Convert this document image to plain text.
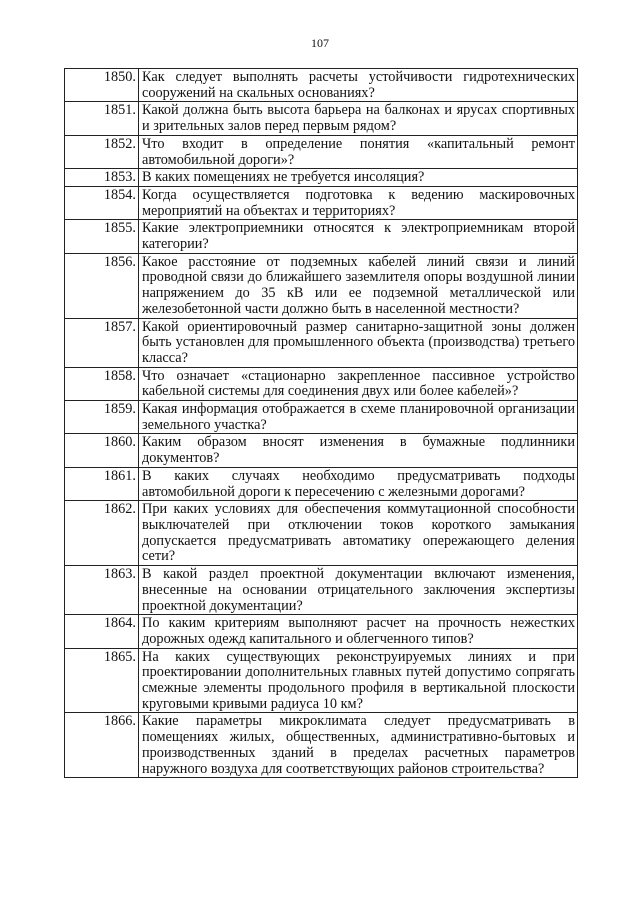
107
1850.	Как следует выполнять расчеты устойчивости гидротехнических сооружений на скальных основаниях?
1851.	Какой должна быть высота барьера на балконах и ярусах спортивных и зрительных залов перед первым рядом?
1852.	Что входит в определение понятия «капитальный ремонт автомобильной дороги»?
1853.	В каких помещениях не требуется инсоляция?
1854.	Когда осуществляется подготовка к ведению маскировочных мероприятий на объектах и территориях?
1855.	Какие электроприемники относятся к электроприемникам второй категории?
1856.	Какое расстояние от подземных кабелей линий связи и линий проводной связи до ближайшего заземлителя опоры воздушной линии напряжением до 35 кВ или ее подземной металлической или железобетонной части должно быть в населенной местности?
1857.	Какой ориентировочный размер санитарно-защитной зоны должен быть установлен для промышленного объекта (производства) третьего класса?
1858.	Что означает «стационарно закрепленное пассивное устройство кабельной системы для соединения двух или более кабелей»?
1859.	Какая информация отображается в схеме планировочной организации земельного участка?
1860.	Каким образом вносят изменения в бумажные подлинники документов?
1861.	В каких случаях необходимо предусматривать подходы автомобильной дороги к пересечению с железными дорогами?
1862.	При каких условиях для обеспечения коммутационной способности выключателей при отключении токов короткого замыкания допускается предусматривать автоматику опережающего деления сети?
1863.	В какой раздел проектной документации включают изменения, внесенные на основании отрицательного заключения экспертизы проектной документации?
1864.	По каким критериям выполняют расчет на прочность нежестких дорожных одежд капитального и облегченного типов?
1865.	На каких существующих реконструируемых линиях и при проектировании дополнительных главных путей допустимо сопрягать смежные элементы продольного профиля в вертикальной плоскости круговыми кривыми радиуса 10 км?
1866.	Какие параметры микроклимата следует предусматривать в помещениях жилых, общественных, административно-бытовых и производственных зданий в пределах расчетных параметров наружного воздуха для соответствующих районов строительства?
